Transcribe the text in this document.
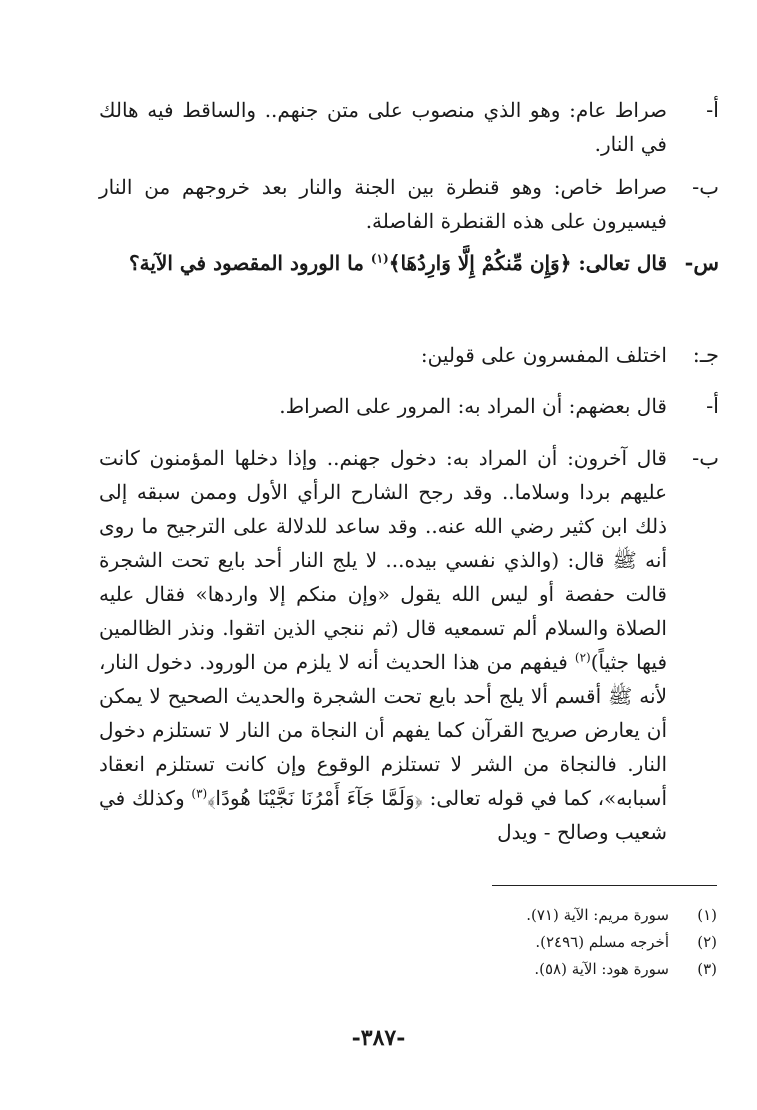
أ-
صراط عام: وهو الذي منصوب على متن جنهم.. والساقط فيه هالك في النار.
ب-
صراط خاص: وهو قنطرة بين الجنة والنار بعد خروجهم من النار فيسيرون على هذه القنطرة الفاصلة.
س-
قال تعالى: ﴿وَإِن مِّنكُمْ إِلَّا وَارِدُهَا﴾$^{(١)}$ ما الورود المقصود في الآية؟
جـ:
اختلف المفسرون على قولين:
أ-
قال بعضهم: أن المراد به: المرور على الصراط.
ب-
قال آخرون: أن المراد به: دخول جهنم.. وإذا دخلها المؤمنون كانت عليهم بردا وسلاما.. وقد رجح الشارح الرأي الأول وممن سبقه إلى ذلك ابن كثير رضي الله عنه.. وقد ساعد للدلالة على الترجيح ما روى أنه ﷺ قال: (والذي نفسي بيده... لا يلج النار أحد بايع تحت الشجرة قالت حفصة أو ليس الله يقول «وإن منكم إلا واردها» فقال عليه الصلاة والسلام ألم تسمعيه قال (ثم ننجي الذين اتقوا. ونذر الظالمين فيها جثياً)$^{(٢)}$ فيفهم من هذا الحديث أنه لا يلزم من الورود. دخول النار، لأنه ﷺ أقسم ألا يلج أحد بايع تحت الشجرة والحديث الصحيح لا يمكن أن يعارض صريح القرآن كما يفهم أن النجاة من النار لا تستلزم دخول النار. فالنجاة من الشر لا تستلزم الوقوع وإن كانت تستلزم انعقاد أسبابه»، كما في قوله تعالى: ﴿وَلَمَّا جَآءَ أَمْرُنَا نَجَّيْنَا هُودًا﴾$^{(٣)}$ وكذلك في شعيب وصالح - ويدل
(١)
سورة مريم: الآية (٧١).
(٢)
أخرجه مسلم (٢٤٩٦).
(٣)
سورة هود: الآية (٥٨).
-٣٨٧-
